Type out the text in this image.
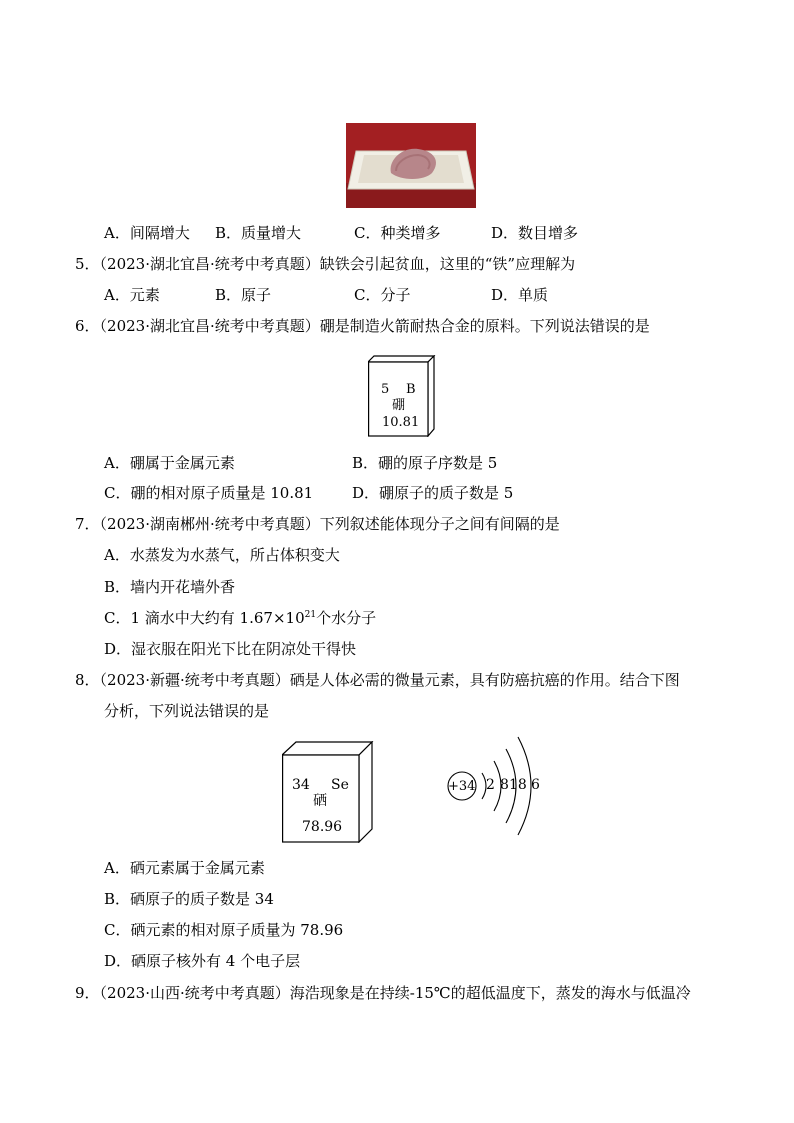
A．间隔增大 B．质量增大	C．种类增多	D．数目增多
5．（2023·湖北宜昌·统考中考真题）缺铁会引起贫血，这里的“铁”应理解为
A．元素	B．原子	C．分子	D．单质
6．（2023·湖北宜昌·统考中考真题）硼是制造火箭耐热合金的原料。下列说法错误的是
5 B
硼
10.81
A．硼属于金属元素	B．硼的原子序数是 5
C．硼的相对原子质量是 10.81	D．硼原子的质子数是 5
7．（2023·湖南郴州·统考中考真题）下列叙述能体现分子之间有间隔的是
A．水蒸发为水蒸气，所占体积变大
B．墙内开花墙外香
C．1 滴水中大约有 $1.67\times 10^{21}$个水分子
D．湿衣服在阳光下比在阴凉处干得快
8．（2023·新疆·统考中考真题）硒是人体必需的微量元素，具有防癌抗癌的作用。结合下图
分析，下列说法错误的是
34 Se
硒
78.96
+34 2 8 18 6
A．硒元素属于金属元素
B．硒原子的质子数是 34
C．硒元素的相对原子质量为 78.96
D．硒原子核外有 4 个电子层
9．（2023·山西·统考中考真题）海浩现象是在持续-15℃的超低温度下，蒸发的海水与低温冷
